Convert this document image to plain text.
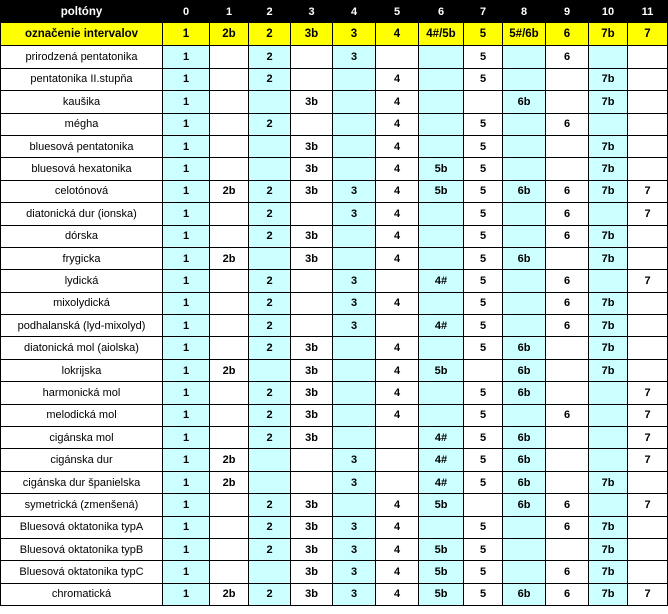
poltóny	0	1	2	3	4	5	6	7	8	9	10	11
označenie intervalov	1	2b	2	3b	3	4	4#/5b	5	5#/6b	6	7b	7
prirodzená pentatonika	1		2		3			5		6		
pentatonika II.stupňa	1		2			4		5			7b	
kaušika	1			3b		4			6b		7b	
mégha	1		2			4		5		6		
bluesová pentatonika	1			3b		4		5			7b	
bluesová hexatonika	1			3b		4	5b	5			7b	
celotónová	1	2b	2	3b	3	4	5b	5	6b	6	7b	7
diatonická dur (ionska)	1		2		3	4		5		6		7
dórska	1		2	3b		4		5		6	7b	
frygicka	1	2b		3b		4		5	6b		7b	
lydická	1		2		3		4#	5		6		7
mixolydická	1		2		3	4		5		6	7b	
podhalanská (lyd-mixolyd)	1		2		3		4#	5		6	7b	
diatonická mol (aiolska)	1		2	3b		4		5	6b		7b	
lokrijska	1	2b		3b		4	5b		6b		7b	
harmonická mol	1		2	3b		4		5	6b			7
melodická mol	1		2	3b		4		5		6		7
cigánska mol	1		2	3b			4#	5	6b			7
cigánska dur	1	2b			3		4#	5	6b			7
cigánska dur španielska	1	2b			3		4#	5	6b		7b	
symetrická (zmenšená)	1		2	3b		4	5b		6b	6		7
Bluesová oktatonika typA	1		2	3b	3	4		5		6	7b	
Bluesová oktatonika typB	1		2	3b	3	4	5b	5			7b	
Bluesová oktatonika typC	1			3b	3	4	5b	5		6	7b	
chromatická	1	2b	2	3b	3	4	5b	5	6b	6	7b	7
